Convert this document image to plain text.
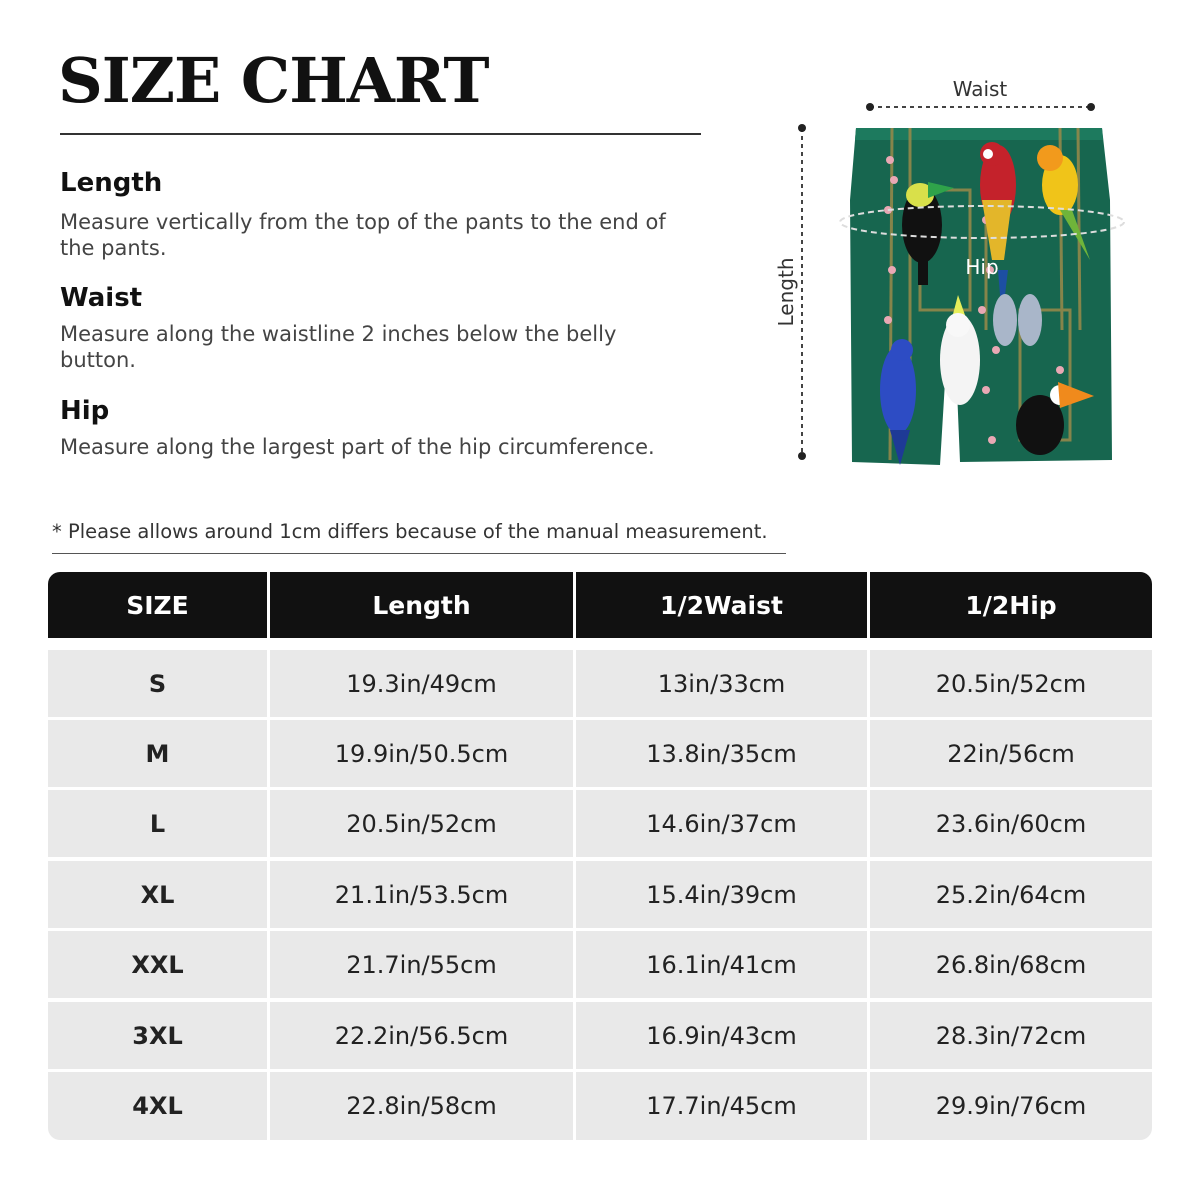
SIZE CHART
Length

Measure vertically from the top of the pants to the end of the pants.

Waist

Measure along the waistline 2 inches below the belly button.

Hip

Measure along the largest part of the hip circumference.

* Please allows around 1cm differs because of the manual measurement.
Waist
Length	Hip
SIZE	Length	1/2Waist	1/2Hip
S	19.3in/49cm	13in/33cm	20.5in/52cm
M	19.9in/50.5cm	13.8in/35cm	22in/56cm
L	20.5in/52cm	14.6in/37cm	23.6in/60cm
XL	21.1in/53.5cm	15.4in/39cm	25.2in/64cm
XXL	21.7in/55cm	16.1in/41cm	26.8in/68cm
3XL	22.2in/56.5cm	16.9in/43cm	28.3in/72cm
4XL	22.8in/58cm	17.7in/45cm	29.9in/76cm
